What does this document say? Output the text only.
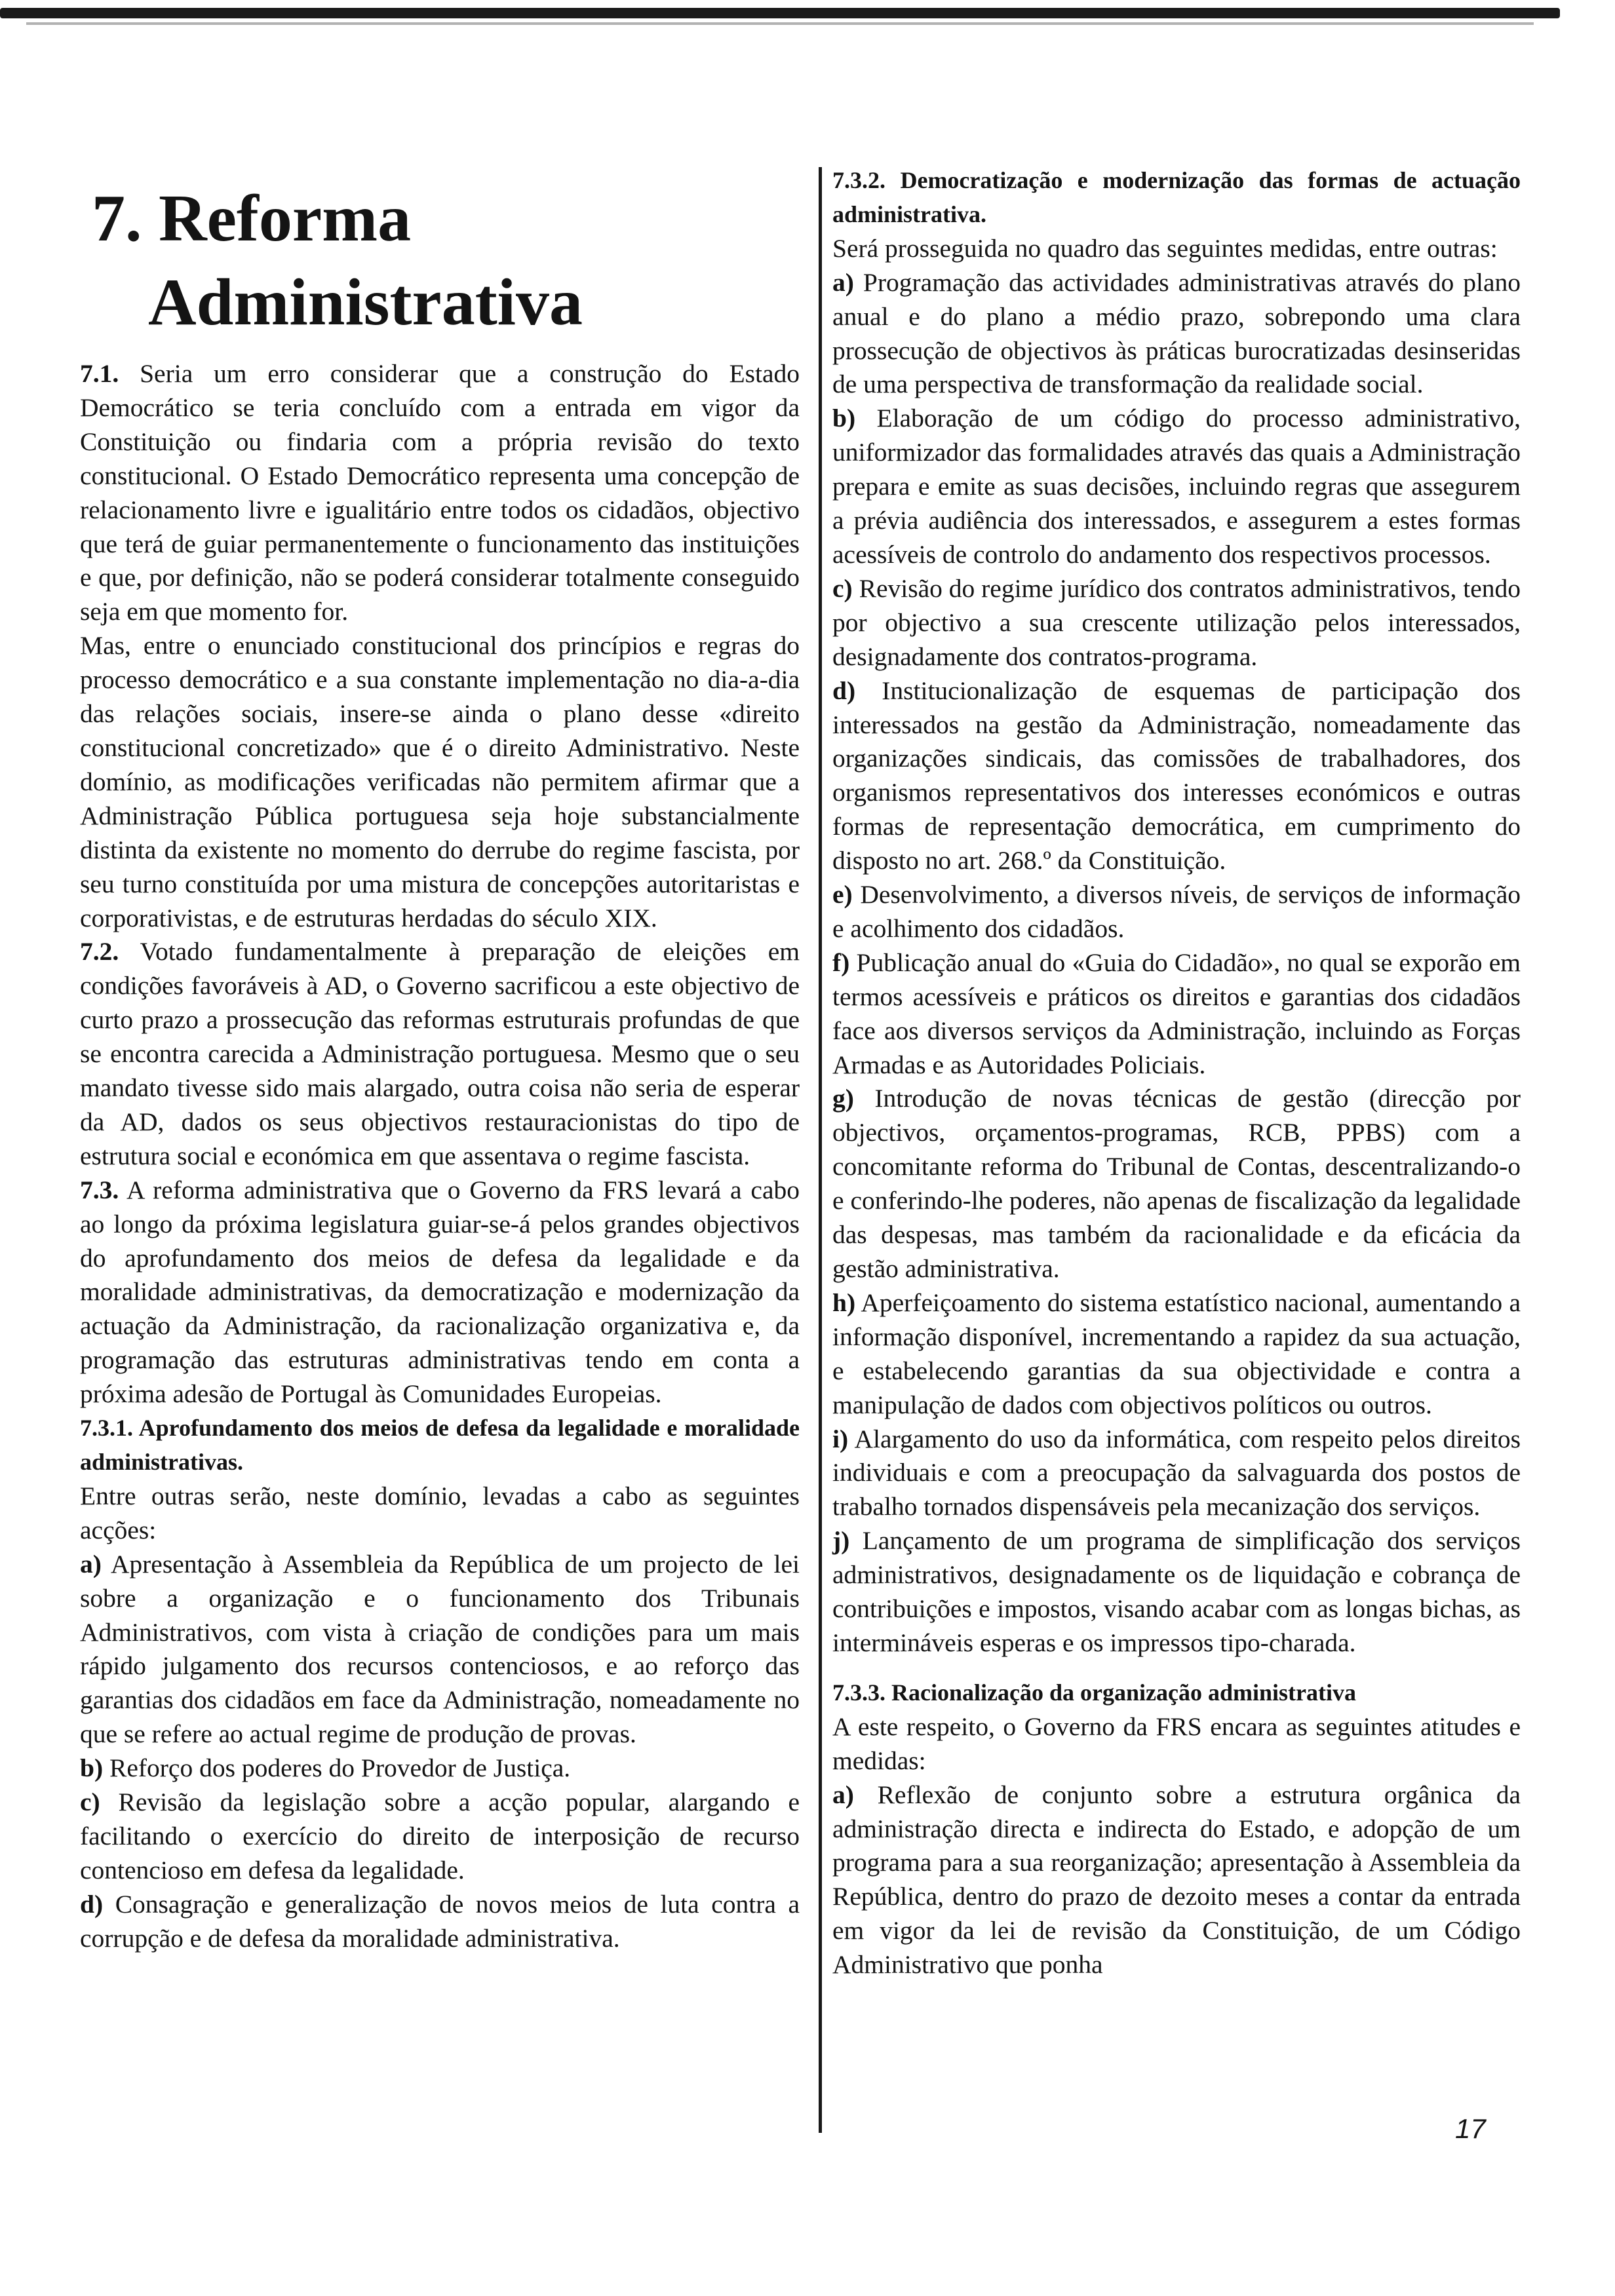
7. Reforma
Administrativa

7.1. Seria um erro considerar que a construção do Estado Democrático se teria concluído com a entrada em vigor da Constituição ou findaria com a própria revisão do texto constitucional. O Estado Democrático representa uma concepção de relacionamento livre e igualitário entre todos os cidadãos, objectivo que terá de guiar permanentemente o funcionamento das instituições e que, por definição, não se poderá considerar totalmente conseguido seja em que momento for.

Mas, entre o enunciado constitucional dos princípios e regras do processo democrático e a sua constante implementação no dia-a-dia das relações sociais, insere-se ainda o plano desse «direito constitucional concretizado» que é o direito Administrativo. Neste domínio, as modificações verificadas não permitem afirmar que a Administração Pública portuguesa seja hoje substancialmente distinta da existente no momento do derrube do regime fascista, por seu turno constituída por uma mistura de concepções autoritaristas e corporativistas, e de estruturas herdadas do século XIX.

7.2. Votado fundamentalmente à preparação de eleições em condições favoráveis à AD, o Governo sacrificou a este objectivo de curto prazo a prossecução das reformas estruturais profundas de que se encontra carecida a Administração portuguesa. Mesmo que o seu mandato tivesse sido mais alargado, outra coisa não seria de esperar da AD, dados os seus objectivos restauracionistas do tipo de estrutura social e económica em que assentava o regime fascista.

7.3. A reforma administrativa que o Governo da FRS levará a cabo ao longo da próxima legislatura guiar-se-á pelos grandes objectivos do aprofundamento dos meios de defesa da legalidade e da moralidade administrativas, da democratização e modernização da actuação da Administração, da racionalização organizativa e, da programação das estruturas administrativas tendo em conta a próxima adesão de Portugal às Comunidades Europeias.

7.3.1. Aprofundamento dos meios de defesa da legalidade e moralidade administrativas.

Entre outras serão, neste domínio, levadas a cabo as seguintes acções:

a) Apresentação à Assembleia da República de um projecto de lei sobre a organização e o funcionamento dos Tribunais Administrativos, com vista à criação de condições para um mais rápido julgamento dos recursos contenciosos, e ao reforço das garantias dos cidadãos em face da Administração, nomeadamente no que se refere ao actual regime de produção de provas.

b) Reforço dos poderes do Provedor de Justiça.

c) Revisão da legislação sobre a acção popular, alargando e facilitando o exercício do direito de interposição de recurso contencioso em defesa da legalidade.

d) Consagração e generalização de novos meios de luta contra a corrupção e de defesa da moralidade administrativa.

7.3.2. Democratização e modernização das formas de actuação administrativa.

Será prosseguida no quadro das seguintes medidas, entre outras:

a) Programação das actividades administrativas através do plano anual e do plano a médio prazo, sobrepondo uma clara prossecução de objectivos às práticas burocratizadas desinseridas de uma perspectiva de transformação da realidade social.

b) Elaboração de um código do processo administrativo, uniformizador das formalidades através das quais a Administração prepara e emite as suas decisões, incluindo regras que assegurem a prévia audiência dos interessados, e assegurem a estes formas acessíveis de controlo do andamento dos respectivos processos.

c) Revisão do regime jurídico dos contratos administrativos, tendo por objectivo a sua crescente utilização pelos interessados, designadamente dos contratos-programa.

d) Institucionalização de esquemas de participação dos interessados na gestão da Administração, nomeadamente das organizações sindicais, das comissões de trabalhadores, dos organismos representativos dos interesses económicos e outras formas de representação democrática, em cumprimento do disposto no art. 268.º da Constituição.

e) Desenvolvimento, a diversos níveis, de serviços de informação e acolhimento dos cidadãos.

f) Publicação anual do «Guia do Cidadão», no qual se exporão em termos acessíveis e práticos os direitos e garantias dos cidadãos face aos diversos serviços da Administração, incluindo as Forças Armadas e as Autoridades Policiais.

g) Introdução de novas técnicas de gestão (direcção por objectivos, orçamentos-programas, RCB, PPBS) com a concomitante reforma do Tribunal de Contas, descentralizando-o e conferindo-lhe poderes, não apenas de fiscalização da legalidade das despesas, mas também da racionalidade e da eficácia da gestão administrativa.

h) Aperfeiçoamento do sistema estatístico nacional, aumentando a informação disponível, incrementando a rapidez da sua actuação, e estabelecendo garantias da sua objectividade e contra a manipulação de dados com objectivos políticos ou outros.

i) Alargamento do uso da informática, com respeito pelos direitos individuais e com a preocupação da salvaguarda dos postos de trabalho tornados dispensáveis pela mecanização dos serviços.

j) Lançamento de um programa de simplificação dos serviços administrativos, designadamente os de liquidação e cobrança de contribuições e impostos, visando acabar com as longas bichas, as intermináveis esperas e os impressos tipo-charada.

7.3.3. Racionalização da organização administrativa

A este respeito, o Governo da FRS encara as seguintes atitudes e medidas:

a) Reflexão de conjunto sobre a estrutura orgânica da administração directa e indirecta do Estado, e adopção de um programa para a sua reorganização; apresentação à Assembleia da República, dentro do prazo de dezoito meses a contar da entrada em vigor da lei de revisão da Constituição, de um Código Administrativo que ponha

17
